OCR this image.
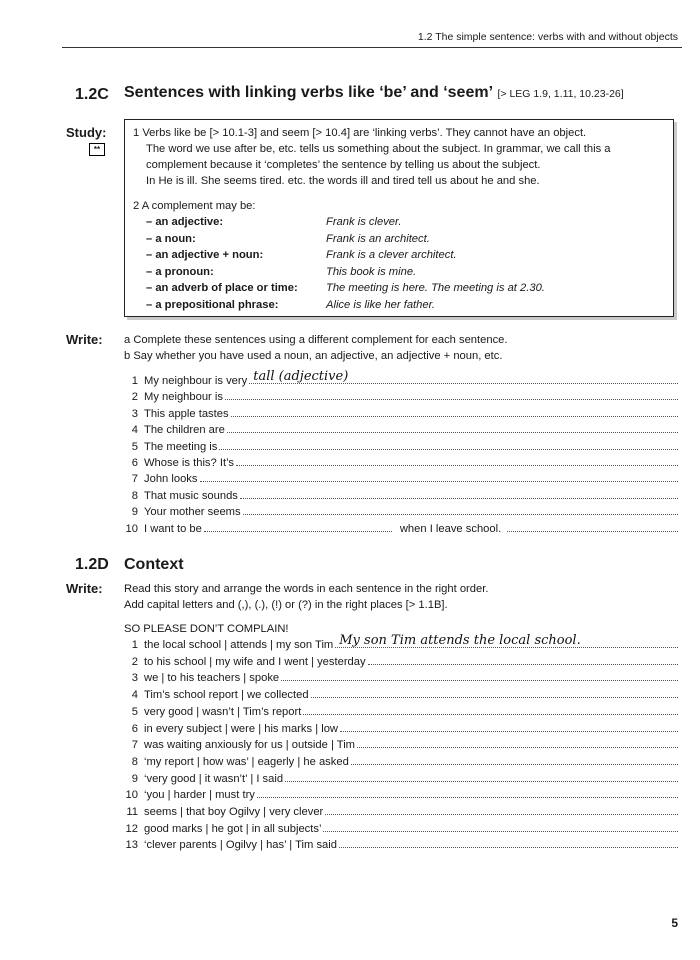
1.2 The simple sentence: verbs with and without objects
1.2C Sentences with linking verbs like ‘be’ and ‘seem’ [> LEG 1.9, 1.11, 10.23-26]
Study:
**
1 Verbs like be [> 10.1-3] and seem [> 10.4] are ‘linking verbs’. They cannot have an object.
The word we use after be, etc. tells us something about the subject. In grammar, we call this a
complement because it ‘completes’ the sentence by telling us about the subject.
In He is ill. She seems tired. etc. the words ill and tired tell us about he and she.
2 A complement may be:
– an adjective:	Frank is clever.
– a noun:	Frank is an architect.
– an adjective + noun:	Frank is a clever architect.
– a pronoun:	This book is mine.
– an adverb of place or time:	The meeting is here. The meeting is at 2.30.
– a prepositional phrase:	Alice is like her father.
Write: a Complete these sentences using a different complement for each sentence.
b Say whether you have used a noun, an adjective, an adjective + noun, etc.
1 My neighbour is very tall (adjective)
2 My neighbour is
3 This apple tastes
4 The children are
5 The meeting is
6 Whose is this? It’s
7 John looks
8 That music sounds
9 Your mother seems
10 I want to be	when I leave school.
1.2D Context
Write: Read this story and arrange the words in each sentence in the right order.
Add capital letters and (,), (.), (!) or (?) in the right places [> 1.1B].
SO PLEASE DON’T COMPLAIN!
1 the local school | attends | my son Tim My son Tim attends the local school.
2 to his school | my wife and I went | yesterday
3 we | to his teachers | spoke
4 Tim’s school report | we collected
5 very good | wasn’t | Tim’s report
6 in every subject | were | his marks | low
7 was waiting anxiously for us | outside | Tim
8 ‘my report | how was’ | eagerly | he asked
9 ‘very good | it wasn’t’ | I said
10 ‘you | harder | must try
11 seems | that boy Ogilvy | very clever
12 good marks | he got | in all subjects’
13 ‘clever parents | Ogilvy | has’ | Tim said
5
